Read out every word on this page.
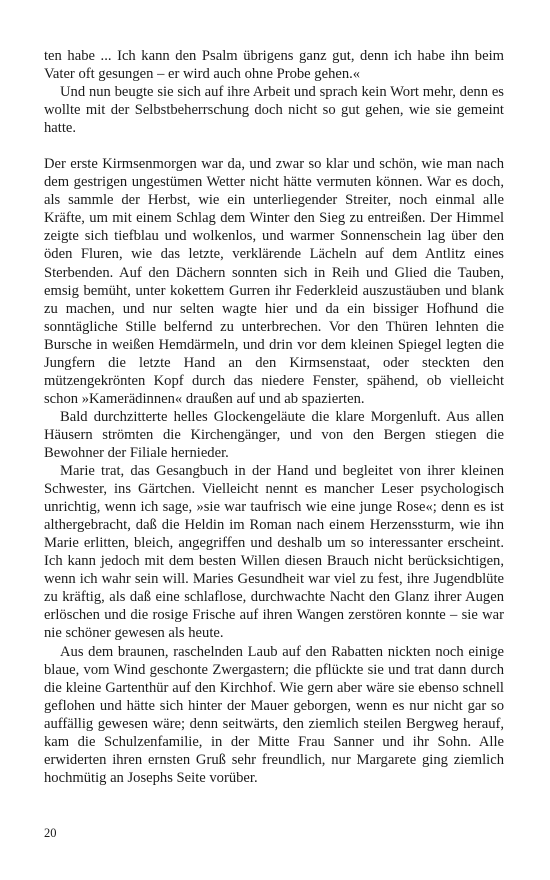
ten habe ... Ich kann den Psalm übrigens ganz gut, denn ich habe ihn beim Vater oft gesungen – er wird auch ohne Probe gehen.«

Und nun beugte sie sich auf ihre Arbeit und sprach kein Wort mehr, denn es wollte mit der Selbstbeherrschung doch nicht so gut gehen, wie sie gemeint hatte.

Der erste Kirmsenmorgen war da, und zwar so klar und schön, wie man nach dem gestrigen ungestümen Wetter nicht hätte vermuten können. War es doch, als sammle der Herbst, wie ein unterliegender Streiter, noch einmal alle Kräfte, um mit einem Schlag dem Winter den Sieg zu entreißen. Der Himmel zeigte sich tiefblau und wolkenlos, und warmer Sonnenschein lag über den öden Fluren, wie das letzte, verklärende Lächeln auf dem Antlitz eines Sterbenden. Auf den Dächern sonnten sich in Reih und Glied die Tauben, emsig bemüht, unter kokettem Gurren ihr Federkleid auszustäuben und blank zu machen, und nur selten wagte hier und da ein bissiger Hofhund die sonntägliche Stille belfernd zu unterbrechen. Vor den Thüren lehnten die Bursche in weißen Hemdärmeln, und drin vor dem kleinen Spiegel legten die Jungfern die letzte Hand an den Kirmsenstaat, oder steckten den mützengekrönten Kopf durch das niedere Fenster, spähend, ob vielleicht schon »Kamerädinnen« draußen auf und ab spazierten.

Bald durchzitterte helles Glockengeläute die klare Morgenluft. Aus allen Häusern strömten die Kirchengänger, und von den Bergen stiegen die Bewohner der Filiale hernieder.

Marie trat, das Gesangbuch in der Hand und begleitet von ihrer kleinen Schwester, ins Gärtchen. Vielleicht nennt es mancher Leser psychologisch unrichtig, wenn ich sage, »sie war taufrisch wie eine junge Rose«; denn es ist althergebracht, daß die Heldin im Roman nach einem Herzenssturm, wie ihn Marie erlitten, bleich, angegriffen und deshalb um so interessanter erscheint. Ich kann jedoch mit dem besten Willen diesen Brauch nicht berücksichtigen, wenn ich wahr sein will. Maries Gesundheit war viel zu fest, ihre Jugendblüte zu kräftig, als daß eine schlaflose, durchwachte Nacht den Glanz ihrer Augen erlöschen und die rosige Frische auf ihren Wangen zerstören konnte – sie war nie schöner gewesen als heute.

Aus dem braunen, raschelnden Laub auf den Rabatten nickten noch einige blaue, vom Wind geschonte Zwergastern; die pflückte sie und trat dann durch die kleine Gartenthür auf den Kirchhof. Wie gern aber wäre sie ebenso schnell geflohen und hätte sich hinter der Mauer geborgen, wenn es nur nicht gar so auffällig gewesen wäre; denn seitwärts, den ziemlich steilen Bergweg herauf, kam die Schulzenfamilie, in der Mitte Frau Sanner und ihr Sohn. Alle erwiderten ihren ernsten Gruß sehr freundlich, nur Margarete ging ziemlich hochmütig an Josephs Seite vorüber.

20
